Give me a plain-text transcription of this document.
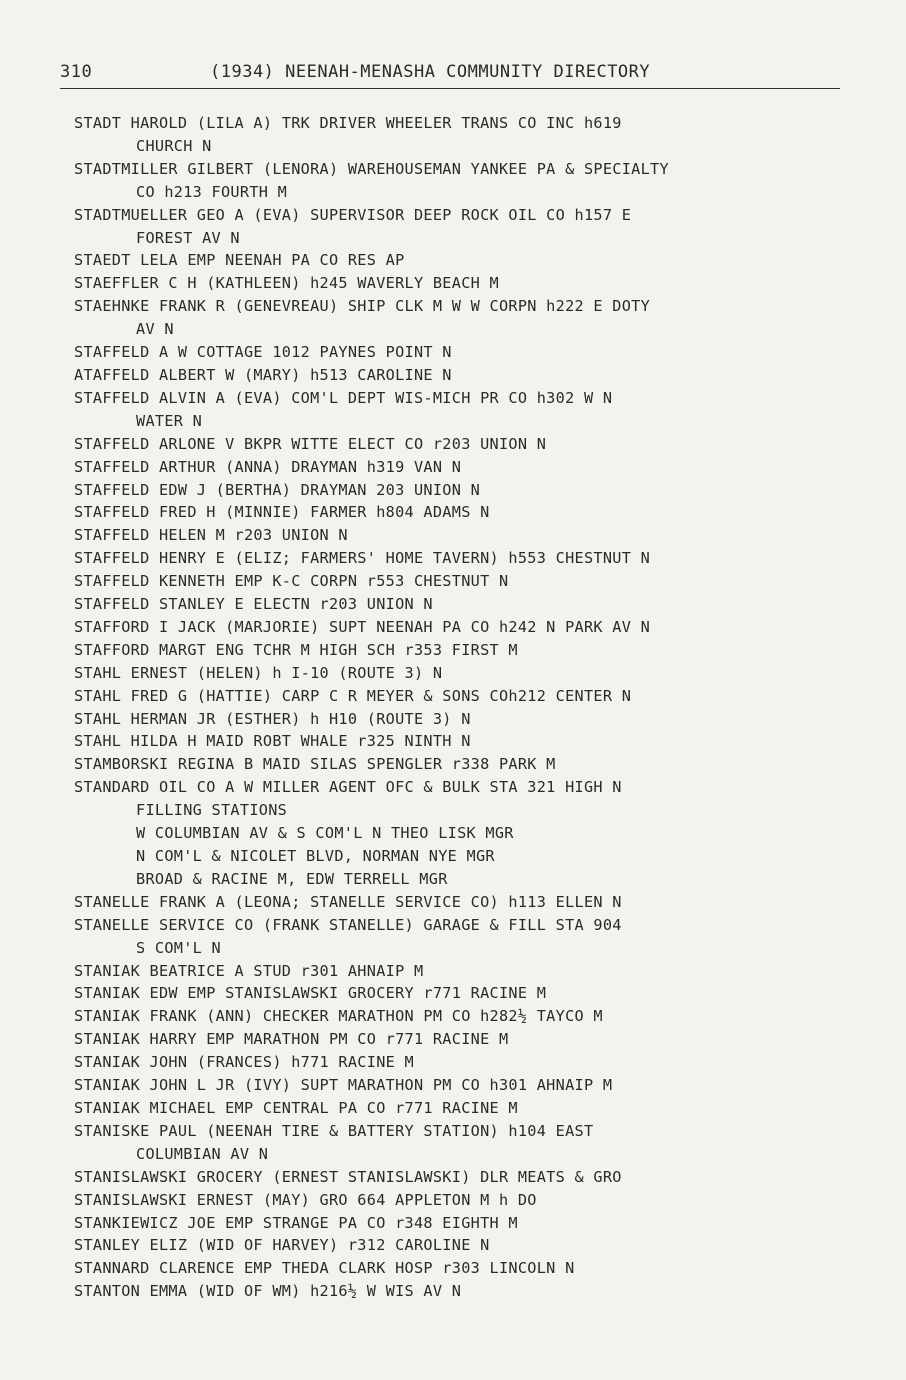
310	(1934) NEENAH-MENASHA COMMUNITY DIRECTORY
STADT HAROLD (LILA A) TRK DRIVER WHEELER TRANS CO INC h619
CHURCH N
STADTMILLER GILBERT (LENORA) WAREHOUSEMAN YANKEE PA & SPECIALTY
CO h213 FOURTH M
STADTMUELLER GEO A (EVA) SUPERVISOR DEEP ROCK OIL CO h157 E
FOREST AV N
STAEDT LELA EMP NEENAH PA CO RES AP
STAEFFLER C H (KATHLEEN) h245 WAVERLY BEACH M
STAEHNKE FRANK R (GENEVREAU) SHIP CLK M W W CORPN h222 E DOTY
AV N
STAFFELD A W COTTAGE 1012 PAYNES POINT N
ATAFFELD ALBERT W (MARY) h513 CAROLINE N
STAFFELD ALVIN A (EVA) COM'L DEPT WIS-MICH PR CO h302 W N
WATER N
STAFFELD ARLONE V BKPR WITTE ELECT CO r203 UNION N
STAFFELD ARTHUR (ANNA) DRAYMAN h319 VAN N
STAFFELD EDW J (BERTHA) DRAYMAN 203 UNION N
STAFFELD FRED H (MINNIE) FARMER h804 ADAMS N
STAFFELD HELEN M r203 UNION N
STAFFELD HENRY E (ELIZ; FARMERS' HOME TAVERN) h553 CHESTNUT N
STAFFELD KENNETH EMP K-C CORPN r553 CHESTNUT N
STAFFELD STANLEY E ELECTN r203 UNION N
STAFFORD I JACK (MARJORIE) SUPT NEENAH PA CO h242 N PARK AV N
STAFFORD MARGT ENG TCHR M HIGH SCH r353 FIRST M
STAHL ERNEST (HELEN) h I-10 (ROUTE 3) N
STAHL FRED G (HATTIE) CARP C R MEYER & SONS COh212 CENTER N
STAHL HERMAN JR (ESTHER) h H10 (ROUTE 3) N
STAHL HILDA H MAID ROBT WHALE r325 NINTH N
STAMBORSKI REGINA B MAID SILAS SPENGLER r338 PARK M
STANDARD OIL CO A W MILLER AGENT OFC & BULK STA 321 HIGH N
FILLING STATIONS
W COLUMBIAN AV & S COM'L N THEO LISK MGR
N COM'L & NICOLET BLVD, NORMAN NYE MGR
BROAD & RACINE M, EDW TERRELL MGR
STANELLE FRANK A (LEONA; STANELLE SERVICE CO) h113 ELLEN N
STANELLE SERVICE CO (FRANK STANELLE) GARAGE & FILL STA 904
S COM'L N
STANIAK BEATRICE A STUD r301 AHNAIP M
STANIAK EDW EMP STANISLAWSKI GROCERY r771 RACINE M
STANIAK FRANK (ANN) CHECKER MARATHON PM CO h282½ TAYCO M
STANIAK HARRY EMP MARATHON PM CO r771 RACINE M
STANIAK JOHN (FRANCES) h771 RACINE M
STANIAK JOHN L JR (IVY) SUPT MARATHON PM CO h301 AHNAIP M
STANIAK MICHAEL EMP CENTRAL PA CO r771 RACINE M
STANISKE PAUL (NEENAH TIRE & BATTERY STATION) h104 EAST
COLUMBIAN AV N
STANISLAWSKI GROCERY (ERNEST STANISLAWSKI) DLR MEATS & GRO
STANISLAWSKI ERNEST (MAY) GRO 664 APPLETON M h DO
STANKIEWICZ JOE EMP STRANGE PA CO r348 EIGHTH M
STANLEY ELIZ (WID OF HARVEY) r312 CAROLINE N
STANNARD CLARENCE EMP THEDA CLARK HOSP r303 LINCOLN N
STANTON EMMA (WID OF WM) h216½ W WIS AV N
